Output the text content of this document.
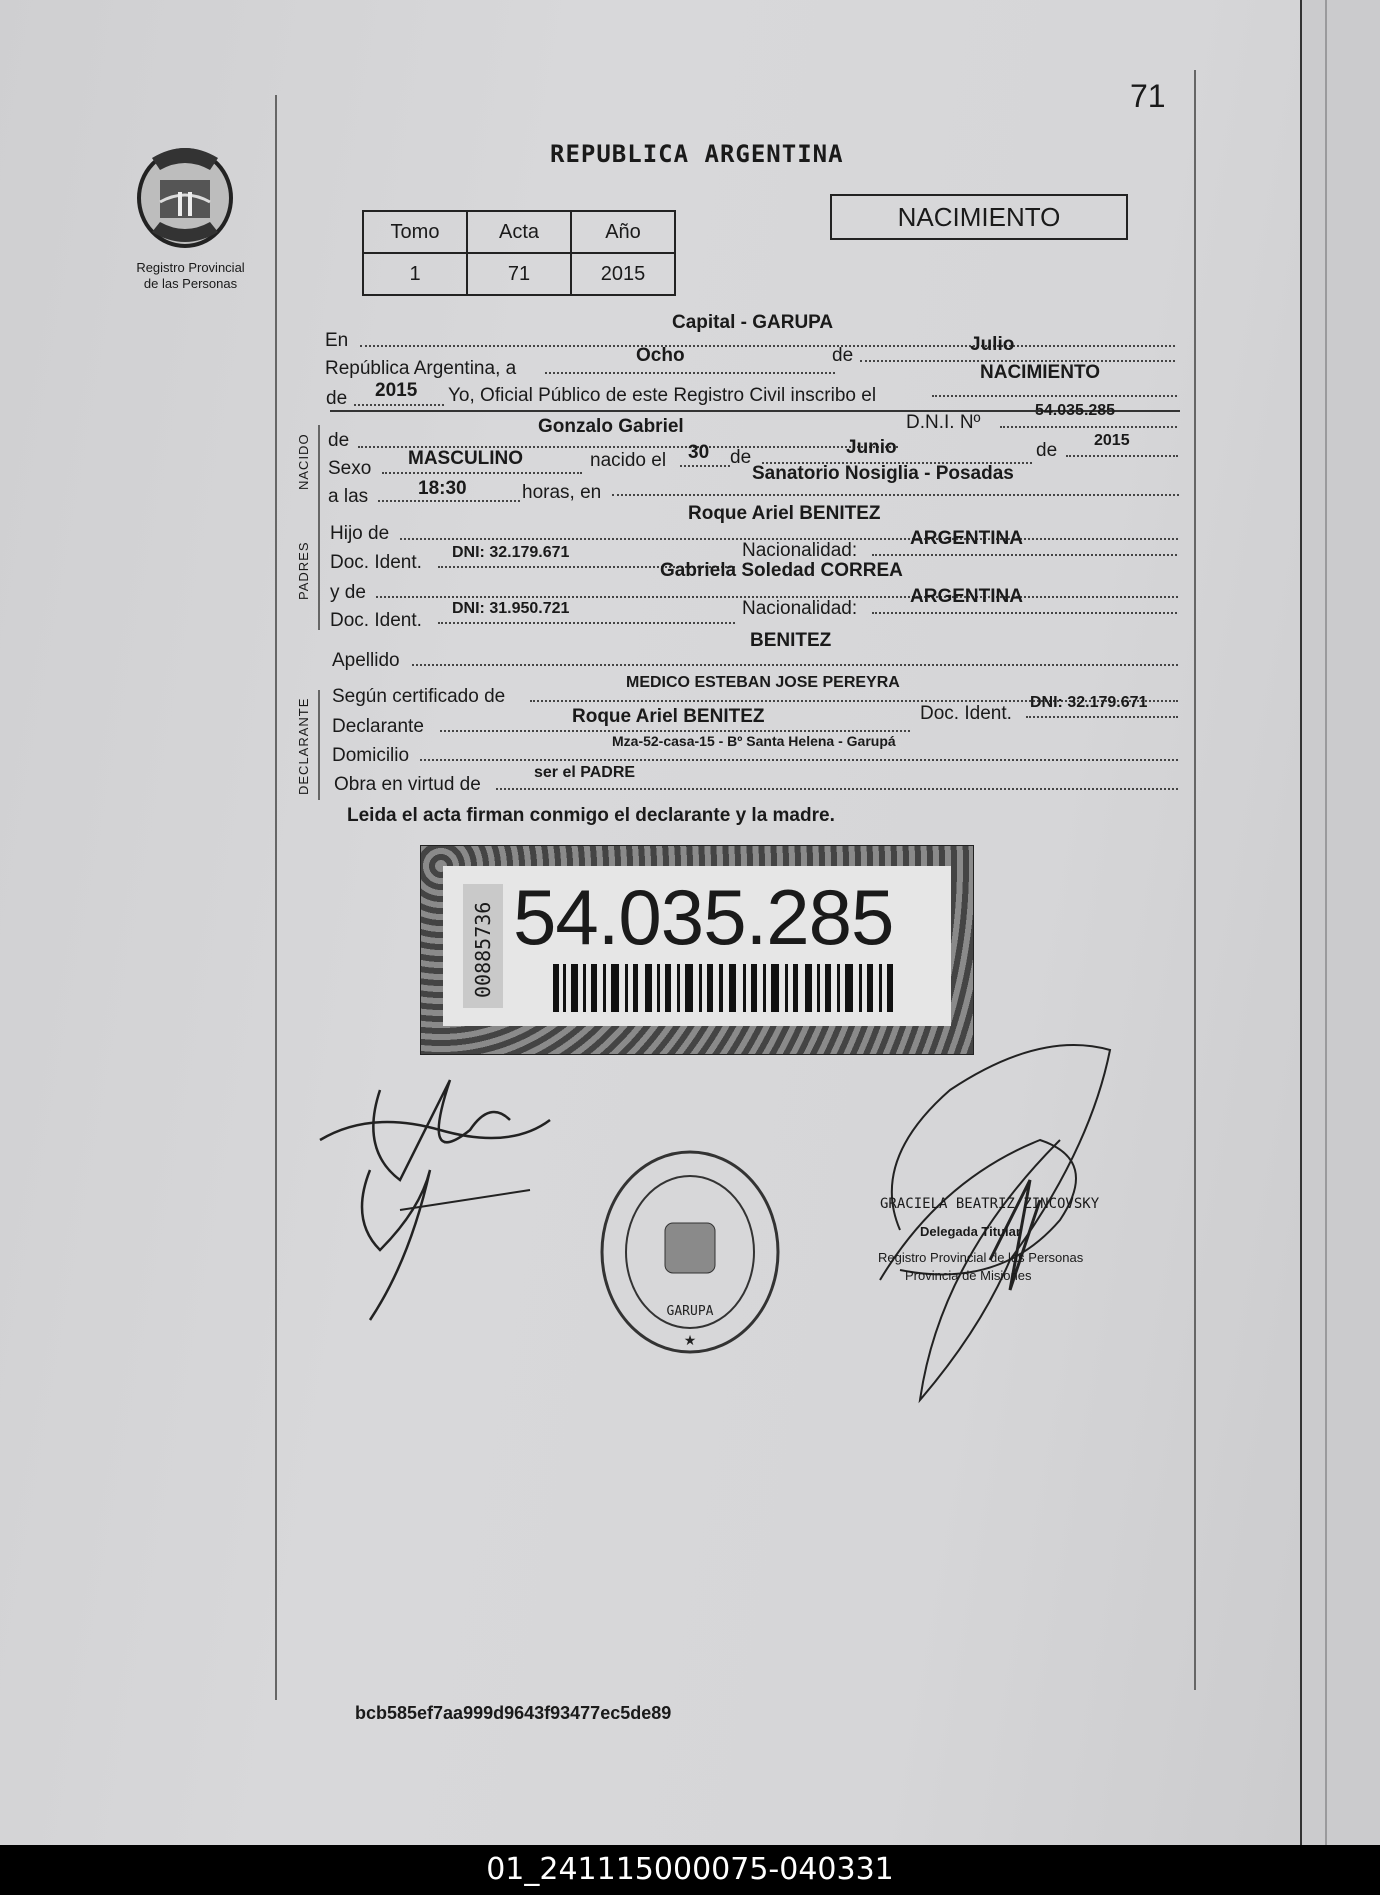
71
REPUBLICA ARGENTINA
Registro Provincial
de las Personas
Tomo	Acta	Año
1	71	2015
NACIMIENTO
En
Capital - GARUPA
República Argentina, a
Ocho	de
Julio
de 2015 Yo, Oficial Público de este Registro Civil inscribo el
NACIMIENTO
NACIDO de
Gonzalo Gabriel	D.N.I. Nº
54.035.285
Sexo MASCULINO	nacido el 30 de	Junio	de 2015
a las	18:30	horas, en
Sanatorio Nosiglia - Posadas
PADRES
Hijo de
Roque Ariel BENITEZ
Doc. Ident. DNI: 32.179.671	Nacionalidad:
ARGENTINA
y de
Gabriela Soledad CORREA
Doc. Ident.
DNI: 31.950.721	Nacionalidad:
ARGENTINA
Apellido
BENITEZ
DECLARANTE
Según certificado de
MEDICO ESTEBAN JOSE PEREYRA
Declarante	Roque Ariel BENITEZ	Doc. Ident.
DNI: 32.179.671
Domicilio
Mza-52-casa-15 - Bº Santa Helena - Garupá
Obra en virtud de
ser el PADRE
Leida el acta firman conmigo el declarante y la madre.
00885736 54.035.285
GARUPA
★
GRACIELA BEATRIZ ZINCOVSKY
Delegada Titular
Registro Provincial de las Personas
Provincia de Misiones
bcb585ef7aa999d9643f93477ec5de89
01_241115000075-040331
